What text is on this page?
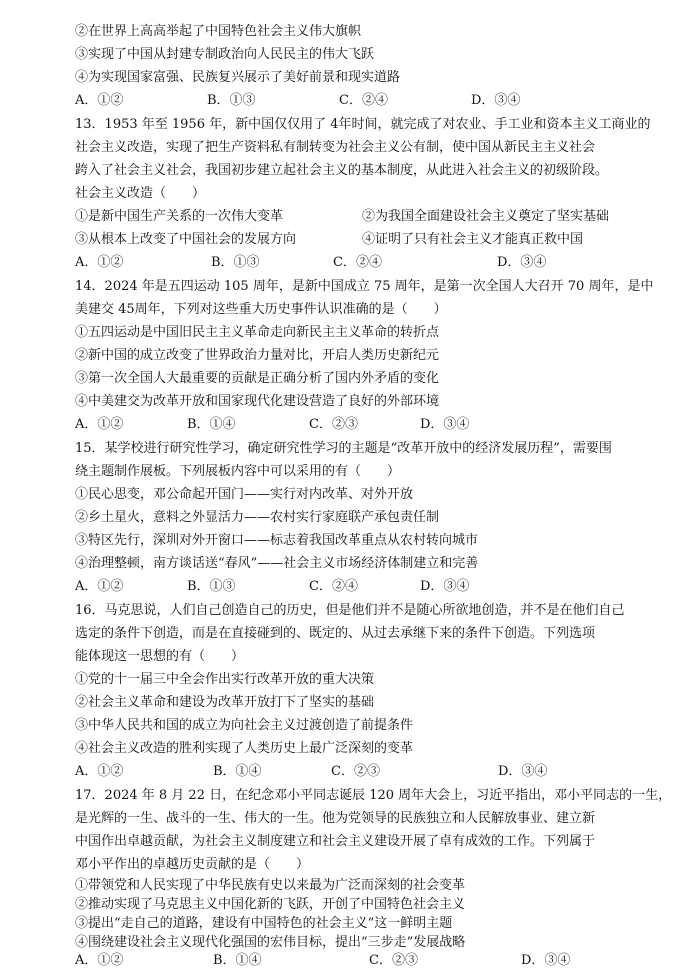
②在世界上高高举起了中国特色社会主义伟大旗帜
③实现了中国从封建专制政治向人民民主的伟大飞跃
④为实现国家富强、民族复兴展示了美好前景和现实道路
A．①②	B．①③	C．②④	D．③④
13．1953 年至 1956 年，新中国仅仅用了 4年时间，就完成了对农业、手工业和资本主义工商业的
社会主义改造，实现了把生产资料私有制转变为社会主义公有制，使中国从新民主主义社会
跨入了社会主义社会，我国初步建立起社会主义的基本制度，从此进入社会主义的初级阶段。
社会主义改造（　　）
①是新中国生产关系的一次伟大变革	②为我国全面建设社会主义奠定了坚实基础
③从根本上改变了中国社会的发展方向	④证明了只有社会主义才能真正救中国
A．①②	B．①③	C．②④	D．③④
14．2024 年是五四运动 105 周年，是新中国成立 75 周年，是第一次全国人大召开 70 周年，是中
美建交 45周年，下列对这些重大历史事件认识准确的是（　　）
①五四运动是中国旧民主主义革命走向新民主主义革命的转折点
②新中国的成立改变了世界政治力量对比，开启人类历史新纪元
③第一次全国人大最重要的贡献是正确分析了国内外矛盾的变化
④中美建交为改革开放和国家现代化建设营造了良好的外部环境
A．①②	B．①④	C．②③	D．③④
15．某学校进行研究性学习，确定研究性学习的主题是“改革开放中的经济发展历程”，需要围
绕主题制作展板。下列展板内容中可以采用的有（　　）
①民心思变，邓公命起开国门——实行对内改革、对外开放
②乡土星火，意料之外显活力——农村实行家庭联产承包责任制
③特区先行，深圳对外开窗口——标志着我国改革重点从农村转向城市
④治理整顿，南方谈话送“春风”——社会主义市场经济体制建立和完善
A．①②	B．①③	C．②④	D．③④
16．马克思说，人们自己创造自己的历史，但是他们并不是随心所欲地创造，并不是在他们自己
选定的条件下创造，而是在直接碰到的、既定的、从过去承继下来的条件下创造。下列选项
能体现这一思想的有（　　）
①党的十一届三中全会作出实行改革开放的重大决策
②社会主义革命和建设为改革开放打下了坚实的基础
③中华人民共和国的成立为向社会主义过渡创造了前提条件
④社会主义改造的胜利实现了人类历史上最广泛深刻的变革
A．①②	B．①④	C．②③	D．③④
17．2024 年 8 月 22 日，在纪念邓小平同志诞辰 120 周年大会上，习近平指出，邓小平同志的一生，
是光辉的一生、战斗的一生、伟大的一生。他为党领导的民族独立和人民解放事业、建立新
中国作出卓越贡献，为社会主义制度建立和社会主义建设开展了卓有成效的工作。下列属于
邓小平作出的卓越历史贡献的是（　　）
①带领党和人民实现了中华民族有史以来最为广泛而深刻的社会变革
②推动实现了马克思主义中国化新的飞跃，开创了中国特色社会主义
③提出“走自己的道路，建设有中国特色的社会主义”这一鲜明主题
④围绕建设社会主义现代化强国的宏伟目标，提出“三步走”发展战略
A．①②	B．①④	C．②③	D．③④
